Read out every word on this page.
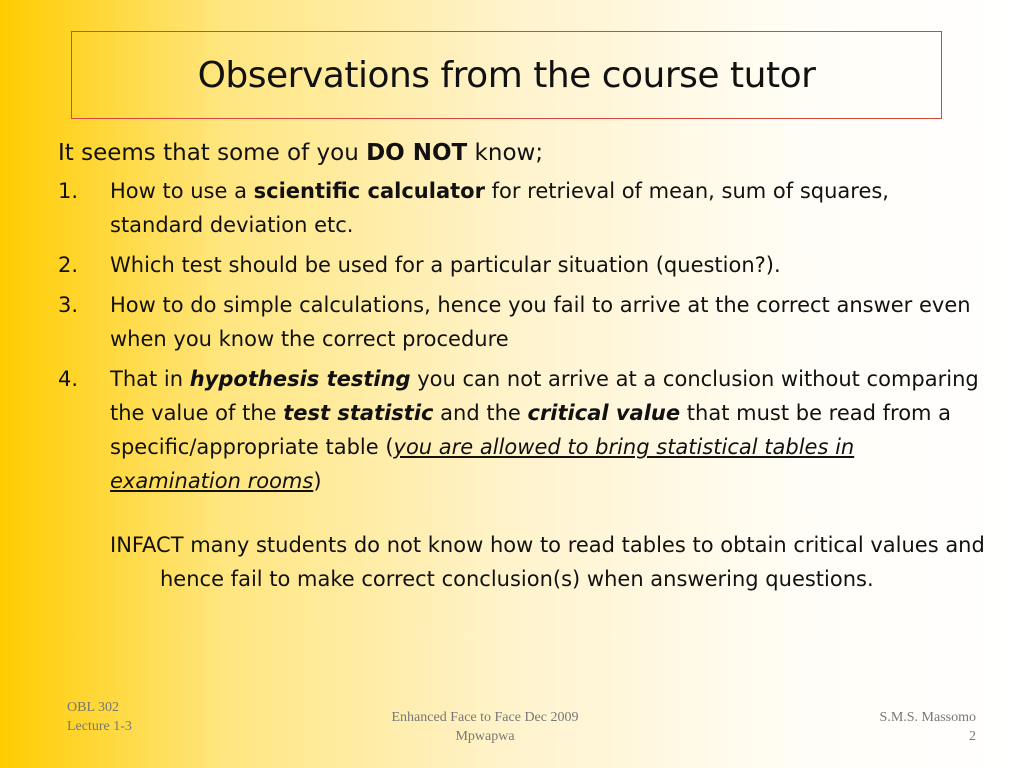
Observations from the course tutor

It seems that some of you DO NOT know;

1. How to use a scientific calculator for retrieval of mean, sum of squares, standard deviation etc.
2. Which test should be used for a particular situation (question?).
3. How to do simple calculations, hence you fail to arrive at the correct answer even when you know the correct procedure
4. That in hypothesis testing you can not arrive at a conclusion without comparing the value of the test statistic and the critical value that must be read from a specific/appropriate table (you are allowed to bring statistical tables in examination rooms)

INFACT many students do not know how to read tables to obtain critical values and hence fail to make correct conclusion(s) when answering questions.

OBL 302
Lecture 1-3
Enhanced Face to Face Dec 2009
Mpwapwa
S.M.S. Massomo
2
